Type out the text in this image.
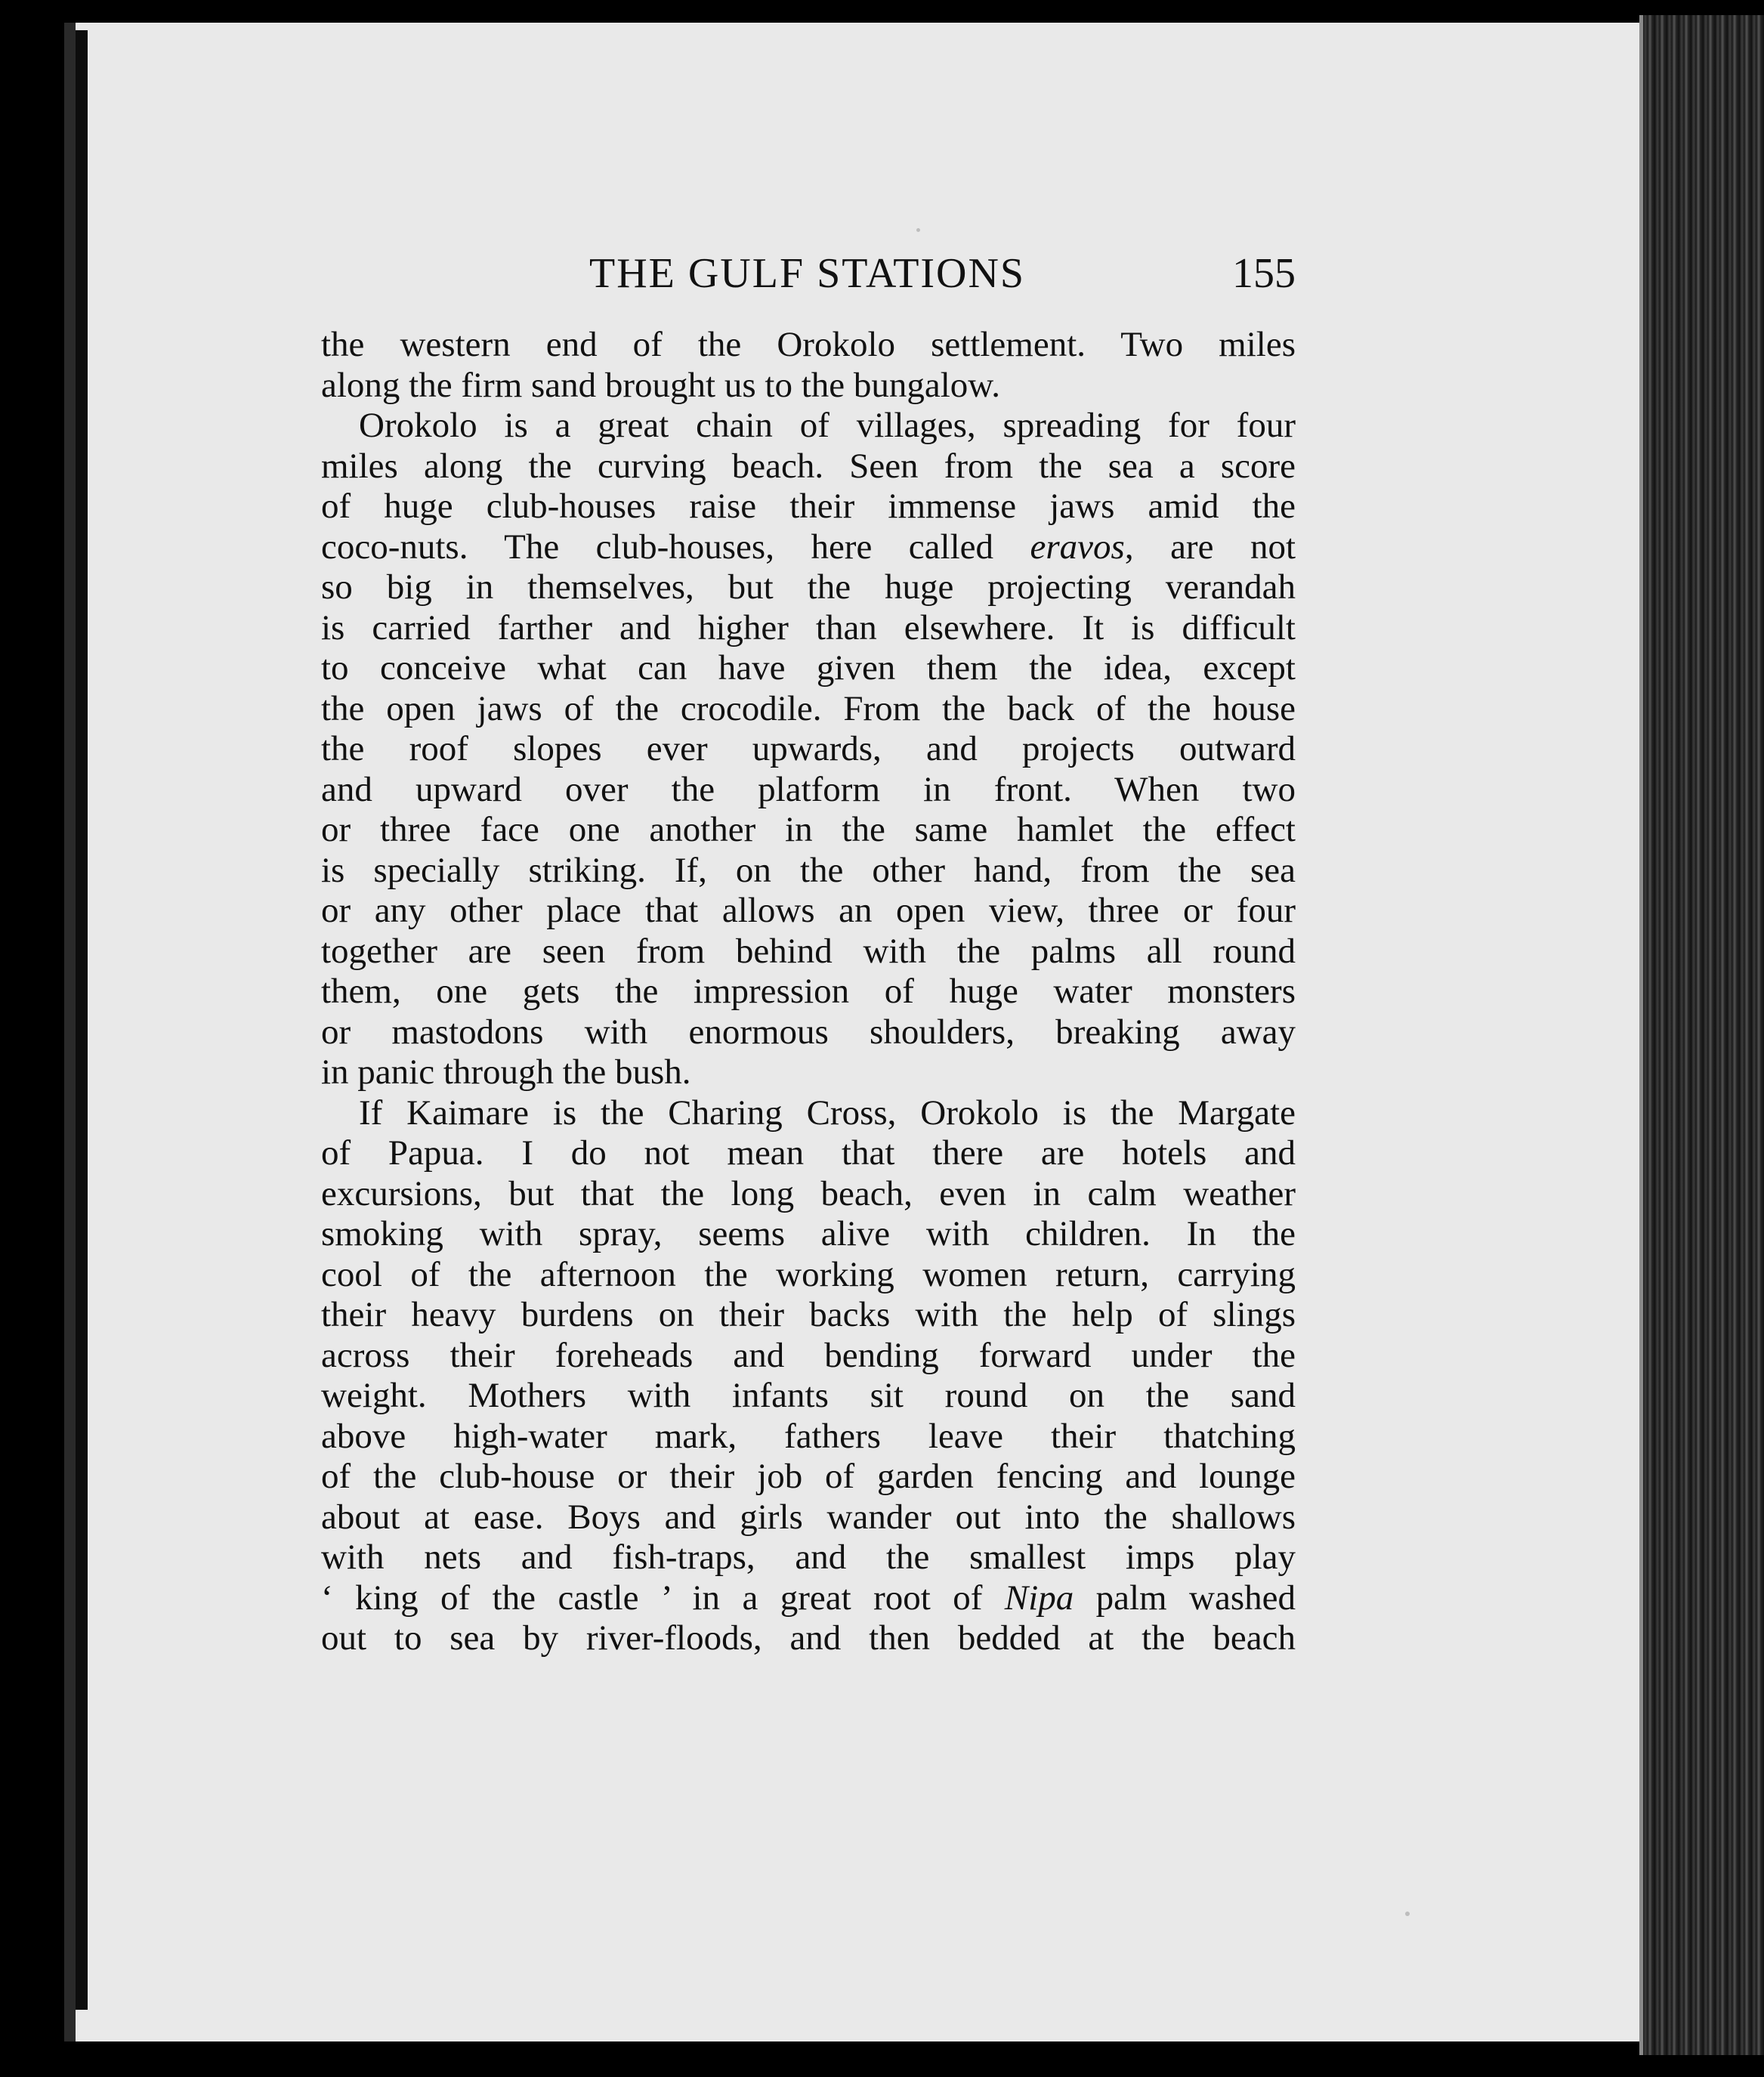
THE GULF STATIONS	155
the western end of the Orokolo settlement. Two miles
along the firm sand brought us to the bungalow.
Orokolo is a great chain of villages, spreading for four
miles along the curving beach. Seen from the sea a score
of huge club-houses raise their immense jaws amid the
coco-nuts. The club-houses, here called eravos, are not
so big in themselves, but the huge projecting verandah
is carried farther and higher than elsewhere. It is difficult
to conceive what can have given them the idea, except
the open jaws of the crocodile. From the back of the house
the roof slopes ever upwards, and projects outward
and upward over the platform in front. When two
or three face one another in the same hamlet the effect
is specially striking. If, on the other hand, from the sea
or any other place that allows an open view, three or four
together are seen from behind with the palms all round
them, one gets the impression of huge water monsters
or mastodons with enormous shoulders, breaking away
in panic through the bush.
If Kaimare is the Charing Cross, Orokolo is the Margate
of Papua. I do not mean that there are hotels and
excursions, but that the long beach, even in calm weather
smoking with spray, seems alive with children. In the
cool of the afternoon the working women return, carrying
their heavy burdens on their backs with the help of slings
across their foreheads and bending forward under the
weight. Mothers with infants sit round on the sand
above high-water mark, fathers leave their thatching
of the club-house or their job of garden fencing and lounge
about at ease. Boys and girls wander out into the shallows
with nets and fish-traps, and the smallest imps play
‘ king of the castle ’ in a great root of Nipa palm washed
out to sea by river-floods, and then bedded at the beach
